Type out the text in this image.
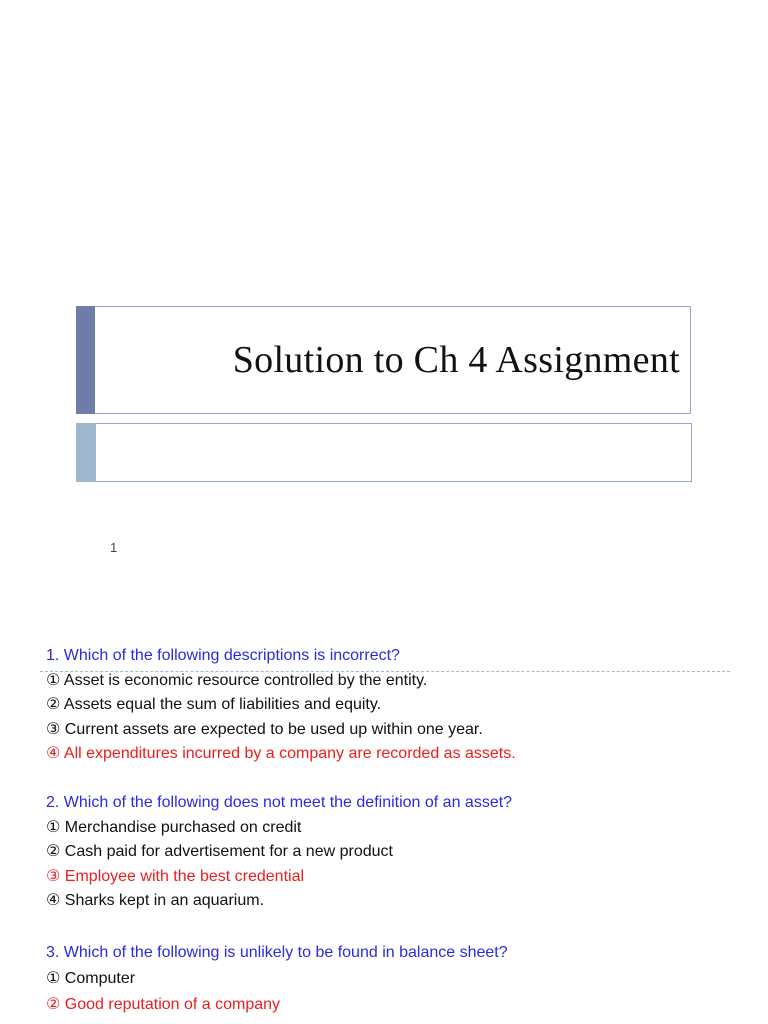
Solution to Ch 4 Assignment
1
1. Which of the following descriptions is incorrect?
① Asset is economic resource controlled by the entity.
② Assets equal the sum of liabilities and equity.
③ Current assets are expected to be used up within one year.
④ All expenditures incurred by a company are recorded as assets.
2. Which of the following does not meet the definition of an asset?
① Merchandise purchased on credit
② Cash paid for advertisement for a new product
③ Employee with the best credential
④ Sharks kept in an aquarium.
3. Which of the following is unlikely to be found in balance sheet?
① Computer
② Good reputation of a company
